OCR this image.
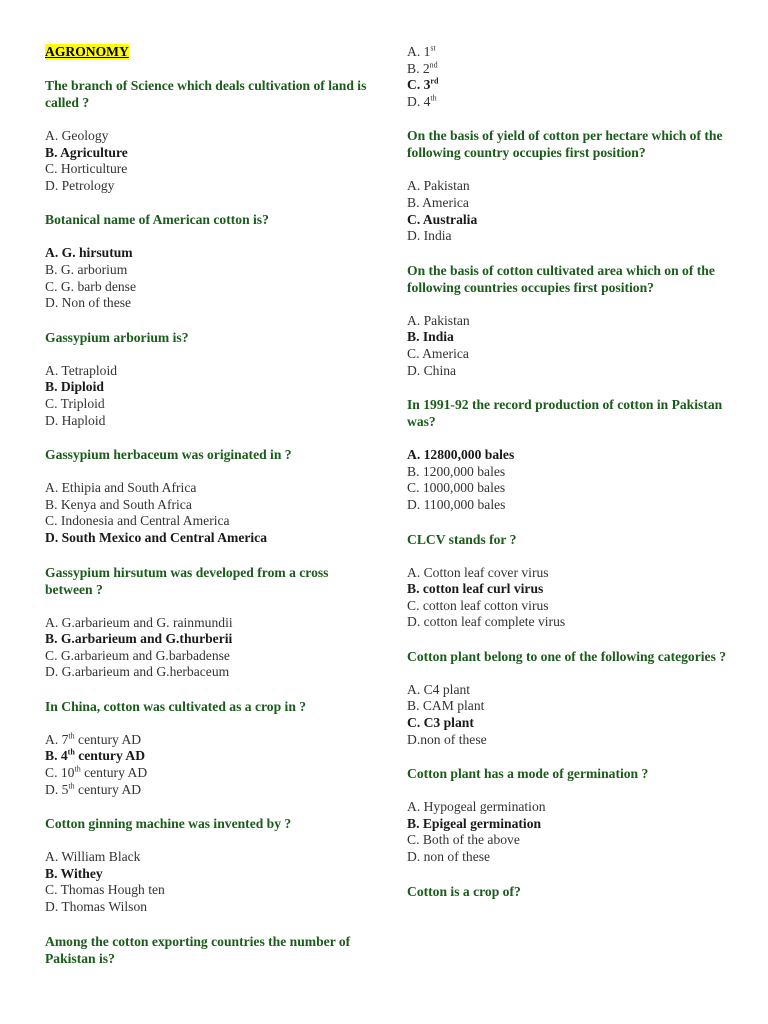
AGRONOMY
The branch of Science which deals cultivation of land is called ?
A. Geology
B. Agriculture
C. Horticulture
D. Petrology
Botanical name of American cotton is?
A. G. hirsutum
B. G. arborium
C. G. barb dense
D. Non of these
Gassypium arborium is?
A. Tetraploid
B. Diploid
C. Triploid
D. Haploid
Gassypium herbaceum was originated in ?
A. Ethipia and South Africa
B. Kenya and South Africa
C. Indonesia and Central America
D. South Mexico and Central America
Gassypium hirsutum was developed from a cross between ?
A. G.arbarieum and G. rainmundii
B. G.arbarieum and G.thurberii
C. G.arbarieum and G.barbadense
D. G.arbarieum and G.herbaceum
In China, cotton was cultivated as a crop in ?
A. 7th century AD
B. 4th century AD
C. 10th century AD
D. 5th century AD
Cotton ginning machine was invented by ?
A. William Black
B. Withey
C. Thomas Hough ten
D. Thomas Wilson
Among the cotton exporting countries the number of Pakistan is?
A. 1st
B. 2nd
C. 3rd
D. 4th
On the basis of yield of cotton per hectare which of the following country occupies first position?
A. Pakistan
B. America
C. Australia
D. India
On the basis of cotton cultivated area which on of the following countries occupies first position?
A. Pakistan
B. India
C. America
D. China
In 1991-92 the record production of cotton in Pakistan was?
A. 12800,000 bales
B. 1200,000 bales
C. 1000,000 bales
D. 1100,000 bales
CLCV stands for ?
A. Cotton leaf cover virus
B. cotton leaf curl virus
C. cotton leaf cotton virus
D. cotton leaf complete virus
Cotton plant belong to one of the following categories ?
A. C4 plant
B. CAM plant
C. C3 plant
D.non of these
Cotton plant has a mode of germination ?
A. Hypogeal germination
B. Epigeal germination
C. Both of the above
D. non of these
Cotton is a crop of?
